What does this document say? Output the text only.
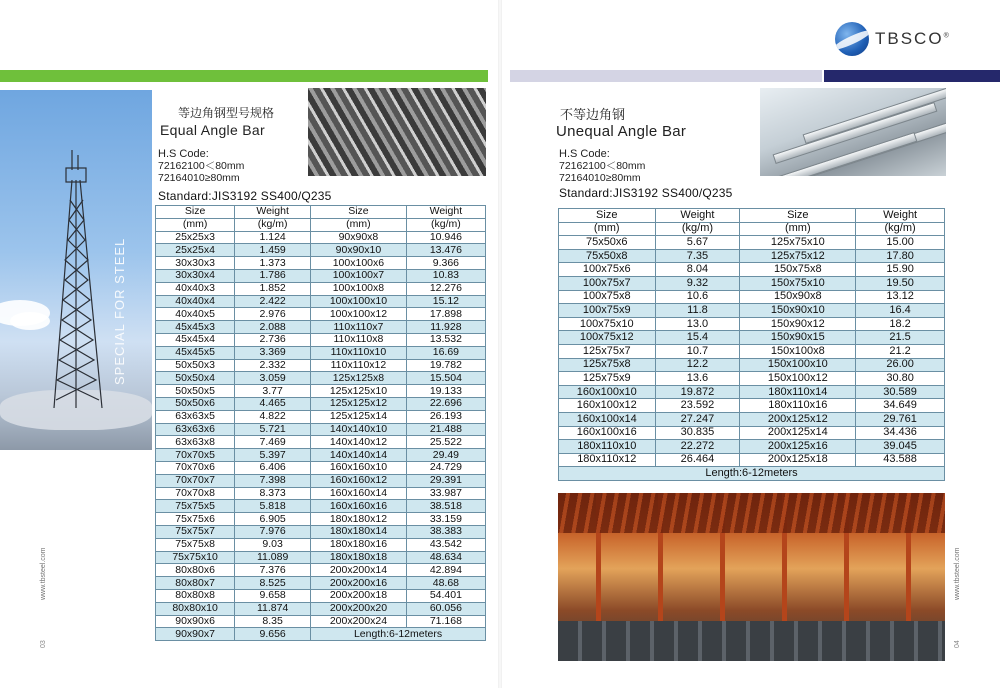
TBSCO®
SPECIAL FOR STEEL
www.tbsteel.com
03
等边角钢型号规格
Equal Angle Bar
H.S Code:
72162100＜80mm
72164010≥80mm
Standard:JIS3192 SS400/Q235
Size	Weight	Size	Weight
(mm)	(kg/m)	(mm)	(kg/m)
25x25x3	1.124	90x90x8	10.946
25x25x4	1.459	90x90x10	13.476
30x30x3	1.373	100x100x6	9.366
30x30x4	1.786	100x100x7	10.83
40x40x3	1.852	100x100x8	12.276
40x40x4	2.422	100x100x10	15.12
40x40x5	2.976	100x100x12	17.898
45x45x3	2.088	110x110x7	11.928
45x45x4	2.736	110x110x8	13.532
45x45x5	3.369	110x110x10	16.69
50x50x3	2.332	110x110x12	19.782
50x50x4	3.059	125x125x8	15.504
50x50x5	3.77	125x125x10	19.133
50x50x6	4.465	125x125x12	22.696
63x63x5	4.822	125x125x14	26.193
63x63x6	5.721	140x140x10	21.488
63x63x8	7.469	140x140x12	25.522
70x70x5	5.397	140x140x14	29.49
70x70x6	6.406	160x160x10	24.729
70x70x7	7.398	160x160x12	29.391
70x70x8	8.373	160x160x14	33.987
75x75x5	5.818	160x160x16	38.518
75x75x6	6.905	180x180x12	33.159
75x75x7	7.976	180x180x14	38.383
75x75x8	9.03	180x180x16	43.542
75x75x10	11.089	180x180x18	48.634
80x80x6	7.376	200x200x14	42.894
80x80x7	8.525	200x200x16	48.68
80x80x8	9.658	200x200x18	54.401
80x80x10	11.874	200x200x20	60.056
90x90x6	8.35	200x200x24	71.168
90x90x7	9.656	Length:6-12meters	
不等边角钢
Unequal Angle Bar
H.S Code:
72162100＜80mm
72164010≥80mm
Standard:JIS3192 SS400/Q235
Size	Weight	Size	Weight
(mm)	(kg/m)	(mm)	(kg/m)
75x50x6	5.67	125x75x10	15.00
75x50x8	7.35	125x75x12	17.80
100x75x6	8.04	150x75x8	15.90
100x75x7	9.32	150x75x10	19.50
100x75x8	10.6	150x90x8	13.12
100x75x9	11.8	150x90x10	16.4
100x75x10	13.0	150x90x12	18.2
100x75x12	15.4	150x90x15	21.5
125x75x7	10.7	150x100x8	21.2
125x75x8	12.2	150x100x10	26.00
125x75x9	13.6	150x100x12	30.80
160x100x10	19.872	180x110x14	30.589
160x100x12	23.592	180x110x16	34.649
160x100x14	27.247	200x125x12	29.761
160x100x16	30.835	200x125x14	34.436
180x110x10	22.272	200x125x16	39.045
180x110x12	26.464	200x125x18	43.588
Length:6-12meters			
www.tbsteel.com
04
